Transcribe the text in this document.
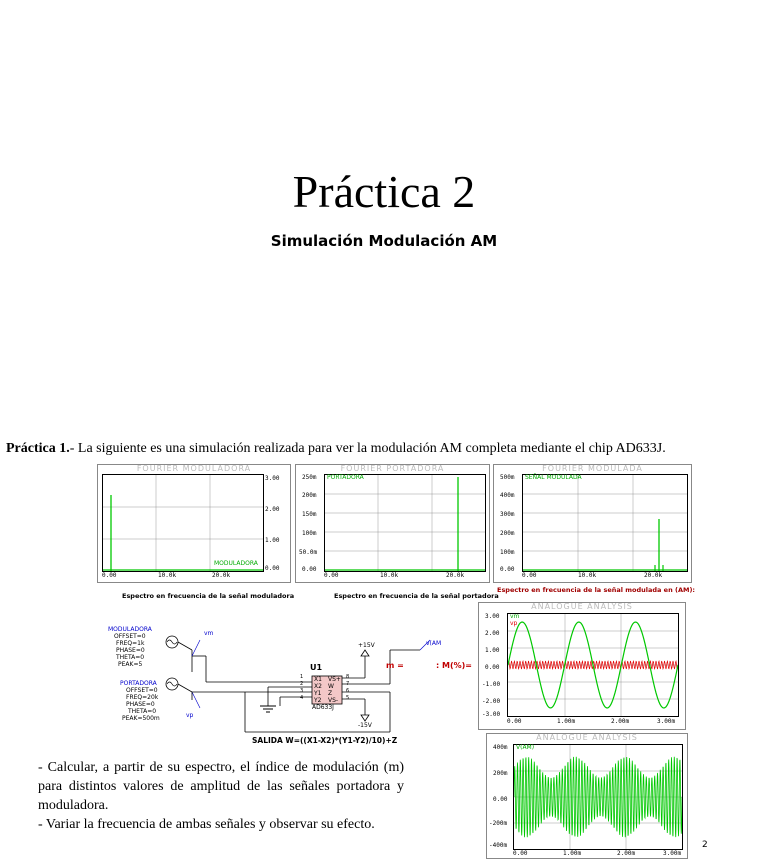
Práctica 2
Simulación Modulación AM
Práctica 1.- La siguiente es una simulación realizada para ver la modulación AM completa mediante el chip AD633J.
FOURIER MODULADORA
MODULADORA
3.00
2.00
1.00
0.00
0.00	10.0k	20.0k
Espectro en frecuencia de la señal moduladora
FOURIER PORTADORA
PORTADORA
250m
200m
150m
100m
50.0m
0.00
0.00	10.0k	20.0k
Espectro en frecuencia de la señal portadora
FOURIER MODULADA
SEÑAL MODULADA
500m
400m
300m
200m
100m
0.00
0.00	10.0k	20.0k
Espectro en frecuencia de la señal modulada en (AM):
MODULADORA
OFFSET=0
FREQ=1k
PHASE=0
THETA=0
PEAK=5
PORTADORA
OFFSET=0
FREQ=20k
PHASE=0
THETA=0
PEAK=500m
vm
vp
v(AM
U1
AD633J
X1
X2
Y1
Y2
VS+
W
Z
VS-
1
2
3
4
8
7
6
5
+15V
-15V
m =	: M(%)=
SALIDA W=((X1-X2)*(Y1-Y2)/10)+Z
ANALOGUE ANALYSIS
vm
vp
3.00
2.00
1.00
0.00
-1.00
-2.00
-3.00
0.00	1.00m	2.00m	3.00m
ANALOGUE ANALYSIS
V(AM)
400m
200m
0.00
-200m
-400m
0.00	1.00m	2.00m	3.00m
- Calcular, a partir de su espectro, el índice de modulación (m) para distintos valores de amplitud de las señales portadora y moduladora.
- Variar la frecuencia de ambas señales y observar su efecto.
2
